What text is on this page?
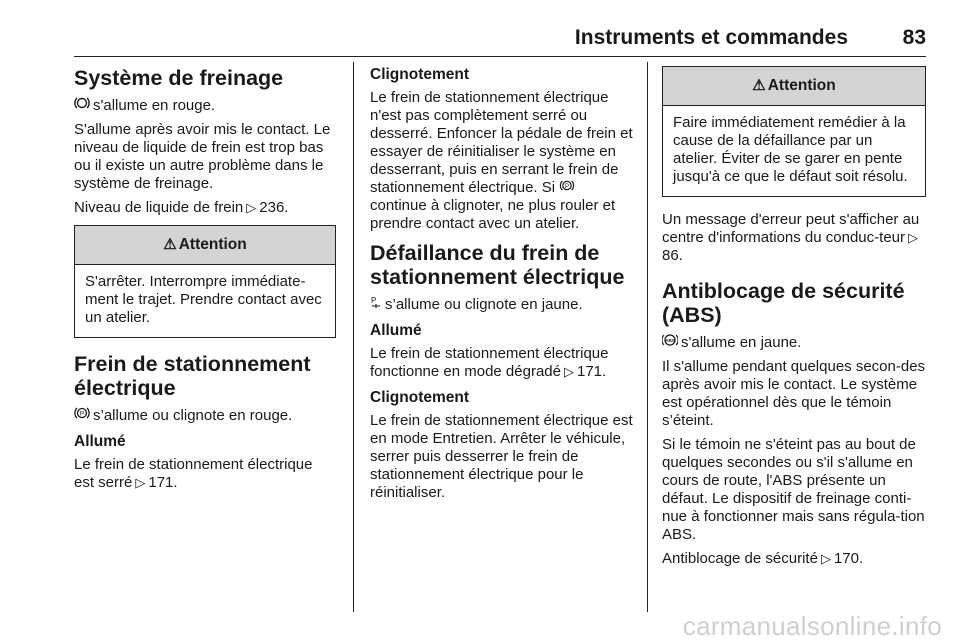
Instruments et commandes	83
Système de freinage

s'allume en rouge.

S'allume après avoir mis le contact. Le niveau de liquide de frein est trop bas ou il existe un autre problème dans le système de freinage.

Niveau de liquide de frein ▷ 236.

⚠ Attention
S'arrêter. Interrompre immédiate-ment le trajet. Prendre contact avec un atelier.
Frein de stationnement électrique

P s’allume ou clignote en rouge.

Allumé

Le frein de stationnement électrique est serré ▷ 171.

Clignotement

Le frein de stationnement électrique n'est pas complètement serré ou desserré. Enfoncer la pédale de frein et essayer de réinitialiser le système en desserrant, puis en serrant le frein de stationnement électrique. Si P
continue à clignoter, ne plus rouler et prendre contact avec un atelier.

Défaillance du frein de stationnement électrique

P s’allume ou clignote en jaune.

Allumé

Le frein de stationnement électrique fonctionne en mode dégradé ▷ 171.

Clignotement

Le frein de stationnement électrique est en mode Entretien. Arrêter le véhicule, serrer puis desserrer le frein de stationnement électrique pour le réinitialiser.

⚠ Attention
Faire immédiatement remédier à la cause de la défaillance par un atelier. Éviter de se garer en pente jusqu'à ce que le défaut soit résolu.

Un message d'erreur peut s'afficher au centre d'informations du conduc-teur ▷86.

Antiblocage de sécurité (ABS)

ABS s'allume en jaune.

Il s'allume pendant quelques secon-des après avoir mis le contact. Le système est opérationnel dès que le témoin s’éteint.

Si le témoin ne s'éteint pas au bout de quelques secondes ou s'il s'allume en cours de route, l'ABS présente un défaut. Le dispositif de freinage conti-nue à fonctionner mais sans régula-tion ABS.

Antiblocage de sécurité ▷ 170.

carmanualsonline.info
